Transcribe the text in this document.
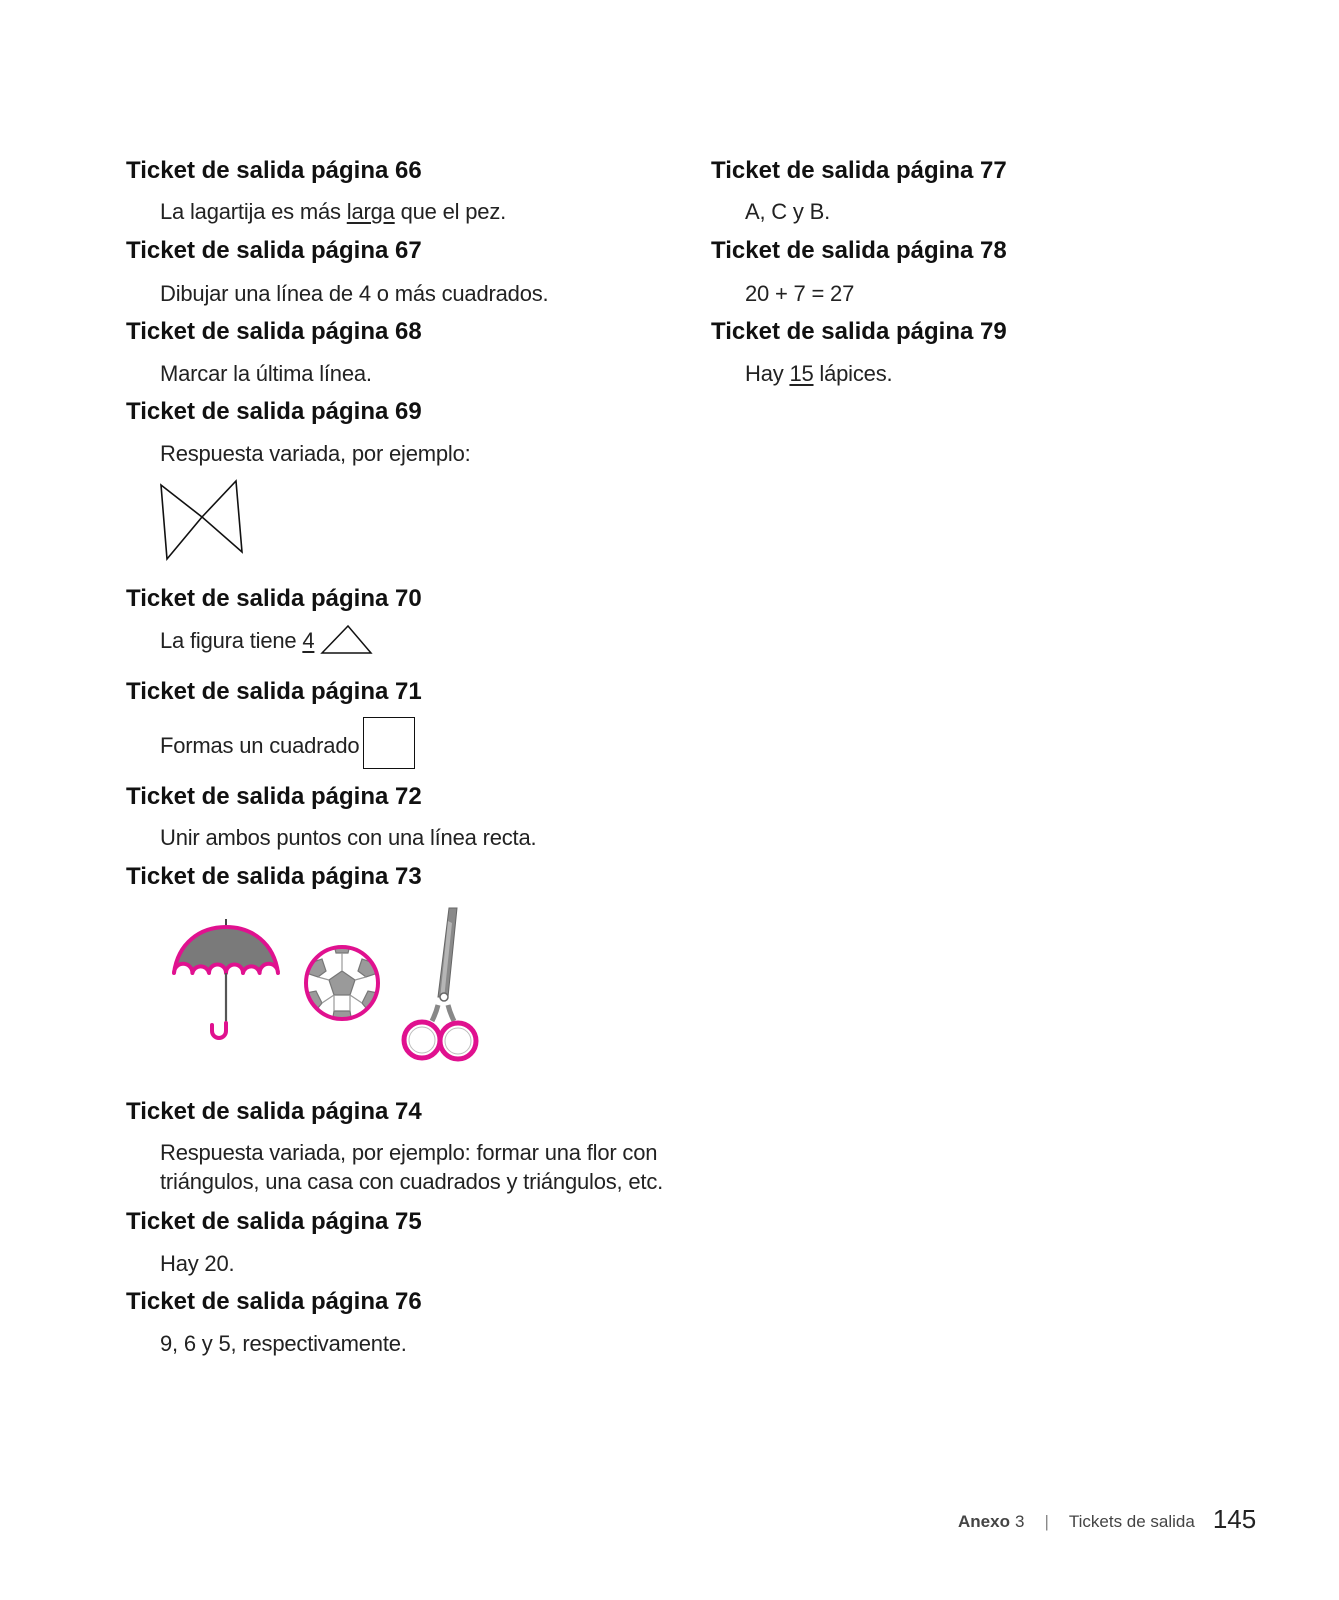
Ticket de salida página 66
La lagartija es más larga que el pez.
Ticket de salida página 67
Dibujar una línea de 4 o más cuadrados.
Ticket de salida página 68
Marcar la última línea.
Ticket de salida página 69
Respuesta variada, por ejemplo:
Ticket de salida página 70
La figura tiene 4
Ticket de salida página 71
Formas un cuadrado
Ticket de salida página 72
Unir ambos puntos con una línea recta.
Ticket de salida página 73
Ticket de salida página 74
Respuesta variada, por ejemplo: formar una flor con
triángulos, una casa con cuadrados y triángulos, etc.
Ticket de salida página 75
Hay 20.
Ticket de salida página 76
9, 6 y 5, respectivamente.
Ticket de salida página 77
A, C y B.
Ticket de salida página 78
20 + 7 = 27
Ticket de salida página 79
Hay 15 lápices.
Anexo 3 | Tickets de salida 145
